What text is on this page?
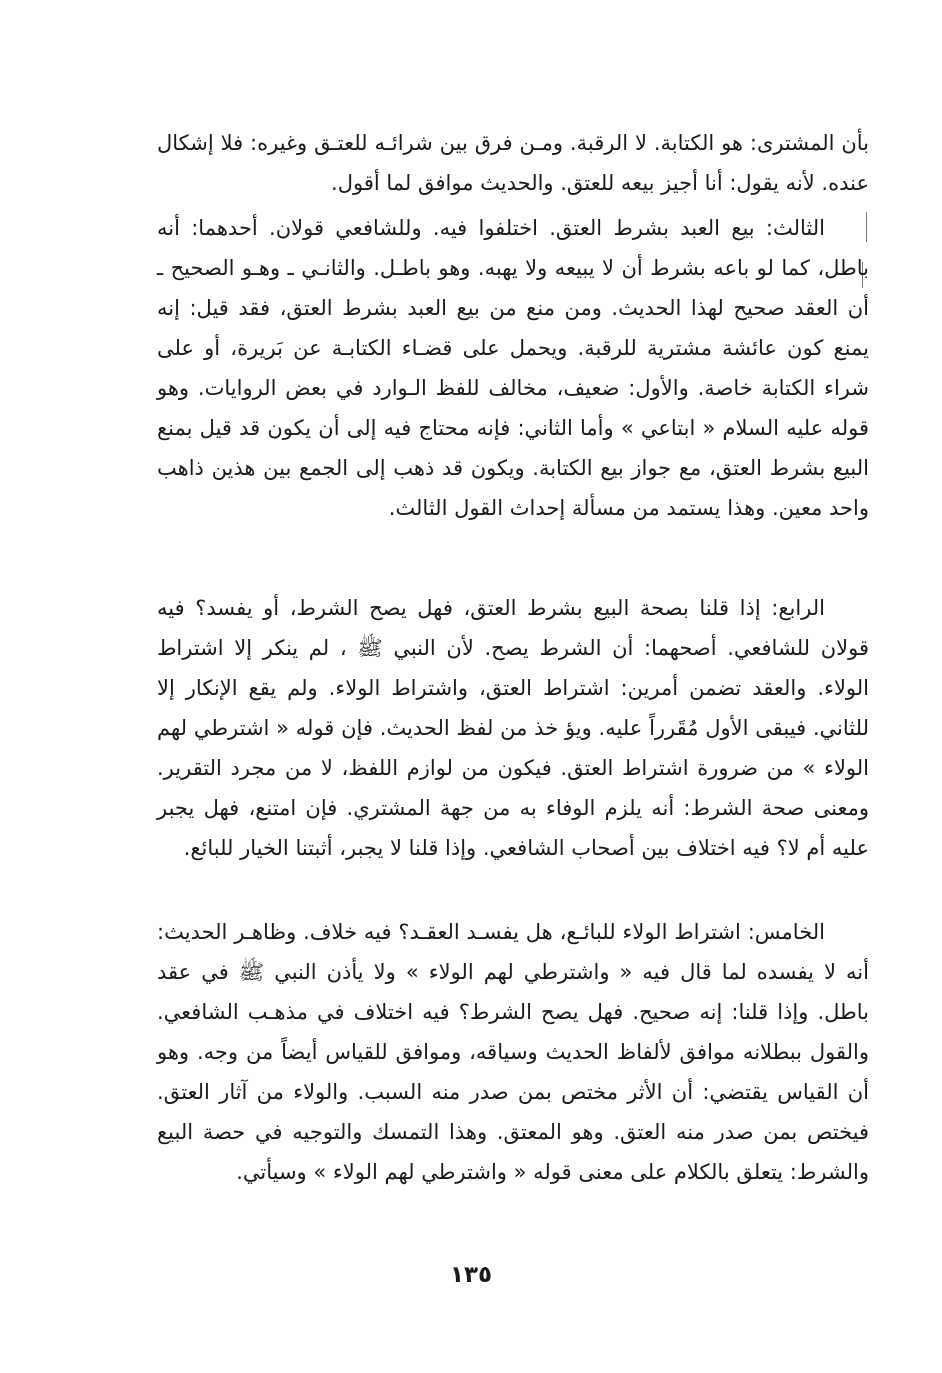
بأن المشترى: هو الكتابة. لا الرقبة. ومـن فرق بين شرائـه للعتـق وغيره: فلا إشكال عنده. لأنه يقول: أنا أجيز بيعه للعتق. والحديث موافق لما أقول.

الثالث: بيع العبد بشرط العتق. اختلفوا فيه. وللشافعي قولان. أحدهما: أنه باطل، كما لو باعه بشرط أن لا يبيعه ولا يهبه. وهو باطـل. والثانـي ـ وهـو الصحيح ـ أن العقد صحيح لهذا الحديث. ومن منع من بيع العبد بشرط العتق، فقد قيل: إنه يمنع كون عائشة مشترية للرقبة. ويحمل على قضـاء الكتابـة عن بَريرة، أو على شراء الكتابة خاصة. والأول: ضعيف، مخالف للفظ الـوارد في بعض الروايات. وهو قوله عليه السلام « ابتاعي » وأما الثاني: فإنه محتاج فيه إلى أن يكون قد قيل بمنع البيع بشرط العتق، مع جواز بيع الكتابة. ويكون قد ذهب إلى الجمع بين هذين ذاهب واحد معين. وهذا يستمد من مسألة إحداث القول الثالث.

الرابع: إذا قلنا بصحة البيع بشرط العتق، فهل يصح الشرط، أو يفسد؟ فيه قولان للشافعي. أصحهما: أن الشرط يصح. لأن النبي ﷺ ، لم ينكر إلا اشتراط الولاء. والعقد تضمن أمرين: اشتراط العتق، واشتراط الولاء. ولم يقع الإنكار إلا للثاني. فيبقى الأول مُقَرراً عليه. ويؤ خذ من لفظ الحديث. فإن قوله « اشترطي لهم الولاء » من ضرورة اشتراط العتق. فيكون من لوازم اللفظ، لا من مجرد التقرير. ومعنى صحة الشرط: أنه يلزم الوفاء به من جهة المشتري. فإن امتنع، فهل يجبر عليه أم لا؟ فيه اختلاف بين أصحاب الشافعي. وإذا قلنا لا يجبر، أثبتنا الخيار للبائع.

الخامس: اشتراط الولاء للبائـع، هل يفسـد العقـد؟ فيه خلاف. وظاهـر الحديث: أنه لا يفسده لما قال فيه « واشترطي لهم الولاء » ولا يأذن النبي ﷺ في عقد باطل. وإذا قلنا: إنه صحيح. فهل يصح الشرط؟ فيه اختلاف في مذهـب الشافعي. والقول ببطلانه موافق لألفاظ الحديث وسياقه، وموافق للقياس أيضاً من وجه. وهو أن القياس يقتضي: أن الأثر مختص بمن صدر منه السبب. والولاء من آثار العتق. فيختص بمن صدر منه العتق. وهو المعتق. وهذا التمسك والتوجيه في حصة البيع والشرط: يتعلق بالكلام على معنى قوله « واشترطي لهم الولاء » وسيأتي.

١٣٥
